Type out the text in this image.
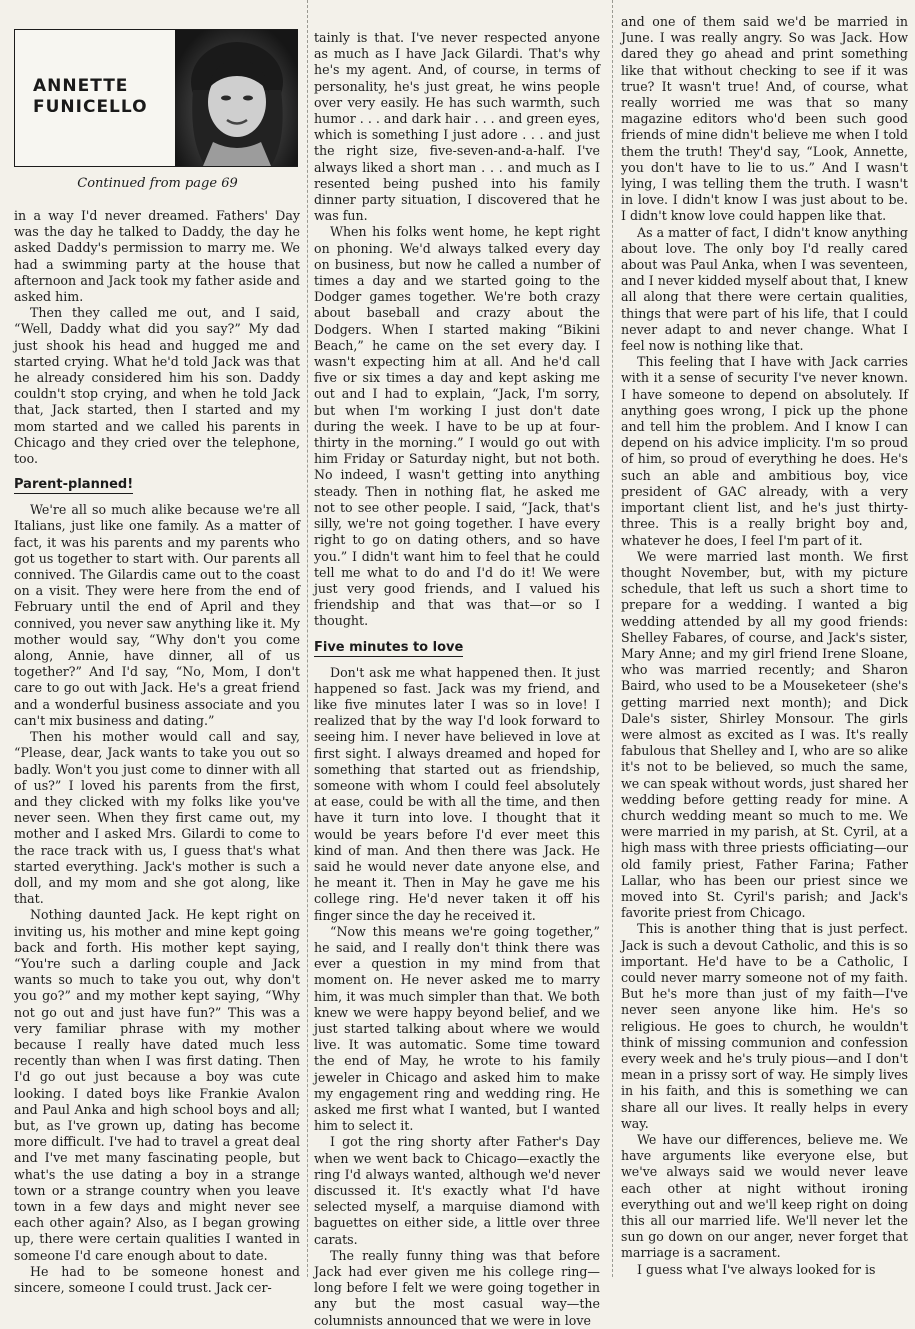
ANNETTE
FUNICELLO
Continued from page 69

in a way I'd never dreamed. Fathers' Day was the day he talked to Daddy, the day he asked Daddy's permission to marry me. We had a swimming party at the house that afternoon and Jack took my father aside and asked him.

Then they called me out, and I said, “Well, Daddy what did you say?” My dad just shook his head and hugged me and started crying. What he'd told Jack was that he already considered him his son. Daddy couldn't stop crying, and when he told Jack that, Jack started, then I started and my mom started and we called his parents in Chicago and they cried over the telephone, too.

Parent-planned!

We're all so much alike because we're all Italians, just like one family. As a matter of fact, it was his parents and my parents who got us together to start with. Our parents all connived. The Gilardis came out to the coast on a visit. They were here from the end of February until the end of April and they connived, you never saw anything like it. My mother would say, “Why don't you come along, Annie, have dinner, all of us together?” And I'd say, “No, Mom, I don't care to go out with Jack. He's a great friend and a wonderful business associate and you can't mix business and dating.”

Then his mother would call and say, “Please, dear, Jack wants to take you out so badly. Won't you just come to dinner with all of us?” I loved his parents from the first, and they clicked with my folks like you've never seen. When they first came out, my mother and I asked Mrs. Gilardi to come to the race track with us, I guess that's what started everything. Jack's mother is such a doll, and my mom and she got along, like that.

Nothing daunted Jack. He kept right on inviting us, his mother and mine kept going back and forth. His mother kept saying, “You're such a darling couple and Jack wants so much to take you out, why don't you go?” and my mother kept saying, “Why not go out and just have fun?” This was a very familiar phrase with my mother because I really have dated much less recently than when I was first dating. Then I'd go out just because a boy was cute looking. I dated boys like Frankie Avalon and Paul Anka and high school boys and all; but, as I've grown up, dating has become more difficult. I've had to travel a great deal and I've met many fascinating people, but what's the use dating a boy in a strange town or a strange country when you leave town in a few days and might never see each other again? Also, as I began growing up, there were certain qualities I wanted in someone I'd care enough about to date.

He had to be someone honest and sincere, someone I could trust. Jack cer-

tainly is that. I've never respected anyone as much as I have Jack Gilardi. That's why he's my agent. And, of course, in terms of personality, he's just great, he wins people over very easily. He has such warmth, such humor . . . and dark hair . . . and green eyes, which is something I just adore . . . and just the right size, five-seven-and-a-half. I've always liked a short man . . . and much as I resented being pushed into his family dinner party situation, I discovered that he was fun.

When his folks went home, he kept right on phoning. We'd always talked every day on business, but now he called a number of times a day and we started going to the Dodger games together. We're both crazy about baseball and crazy about the Dodgers. When I started making “Bikini Beach,” he came on the set every day. I wasn't expecting him at all. And he'd call five or six times a day and kept asking me out and I had to explain, “Jack, I'm sorry, but when I'm working I just don't date during the week. I have to be up at four-thirty in the morning.” I would go out with him Friday or Saturday night, but not both. No indeed, I wasn't getting into anything steady. Then in nothing flat, he asked me not to see other people. I said, “Jack, that's silly, we're not going together. I have every right to go on dating others, and so have you.” I didn't want him to feel that he could tell me what to do and I'd do it! We were just very good friends, and I valued his friendship and that was that—or so I thought.

Five minutes to love

Don't ask me what happened then. It just happened so fast. Jack was my friend, and like five minutes later I was so in love! I realized that by the way I'd look forward to seeing him. I never have believed in love at first sight. I always dreamed and hoped for something that started out as friendship, someone with whom I could feel absolutely at ease, could be with all the time, and then have it turn into love. I thought that it would be years before I'd ever meet this kind of man. And then there was Jack. He said he would never date anyone else, and he meant it. Then in May he gave me his college ring. He'd never taken it off his finger since the day he received it.

“Now this means we're going together,” he said, and I really don't think there was ever a question in my mind from that moment on. He never asked me to marry him, it was much simpler than that. We both knew we were happy beyond belief, and we just started talking about where we would live. It was automatic. Some time toward the end of May, he wrote to his family jeweler in Chicago and asked him to make my engagement ring and wedding ring. He asked me first what I wanted, but I wanted him to select it.

I got the ring shorty after Father's Day when we went back to Chicago—exactly the ring I'd always wanted, although we'd never discussed it. It's exactly what I'd have selected myself, a marquise diamond with baguettes on either side, a little over three carats.

The really funny thing was that before Jack had ever given me his college ring—long before I felt we were going together in any but the most casual way—the columnists announced that we were in love

and one of them said we'd be married in June. I was really angry. So was Jack. How dared they go ahead and print something like that without checking to see if it was true? It wasn't true! And, of course, what really worried me was that so many magazine editors who'd been such good friends of mine didn't believe me when I told them the truth! They'd say, “Look, Annette, you don't have to lie to us.” And I wasn't lying, I was telling them the truth. I wasn't in love. I didn't know I was just about to be. I didn't know love could happen like that.

As a matter of fact, I didn't know anything about love. The only boy I'd really cared about was Paul Anka, when I was seventeen, and I never kidded myself about that, I knew all along that there were certain qualities, things that were part of his life, that I could never adapt to and never change. What I feel now is nothing like that.

This feeling that I have with Jack carries with it a sense of security I've never known. I have someone to depend on absolutely. If anything goes wrong, I pick up the phone and tell him the problem. And I know I can depend on his advice implicity. I'm so proud of him, so proud of everything he does. He's such an able and ambitious boy, vice president of GAC already, with a very important client list, and he's just thirty-three. This is a really bright boy and, whatever he does, I feel I'm part of it.

We were married last month. We first thought November, but, with my picture schedule, that left us such a short time to prepare for a wedding. I wanted a big wedding attended by all my good friends: Shelley Fabares, of course, and Jack's sister, Mary Anne; and my girl friend Irene Sloane, who was married recently; and Sharon Baird, who used to be a Mouseketeer (she's getting married next month); and Dick Dale's sister, Shirley Monsour. The girls were almost as excited as I was. It's really fabulous that Shelley and I, who are so alike it's not to be believed, so much the same, we can speak without words, just shared her wedding before getting ready for mine. A church wedding meant so much to me. We were married in my parish, at St. Cyril, at a high mass with three priests officiating—our old family priest, Father Farina; Father Lallar, who has been our priest since we moved into St. Cyril's parish; and Jack's favorite priest from Chicago.

This is another thing that is just perfect. Jack is such a devout Catholic, and this is so important. He'd have to be a Catholic, I could never marry someone not of my faith. But he's more than just of my faith—I've never seen anyone like him. He's so religious. He goes to church, he wouldn't think of missing communion and confession every week and he's truly pious—and I don't mean in a prissy sort of way. He simply lives in his faith, and this is something we can share all our lives. It really helps in every way.

We have our differences, believe me. We have arguments like everyone else, but we've always said we would never leave each other at night without ironing everything out and we'll keep right on doing this all our married life. We'll never let the sun go down on our anger, never forget that marriage is a sacrament.

I guess what I've always looked for is
